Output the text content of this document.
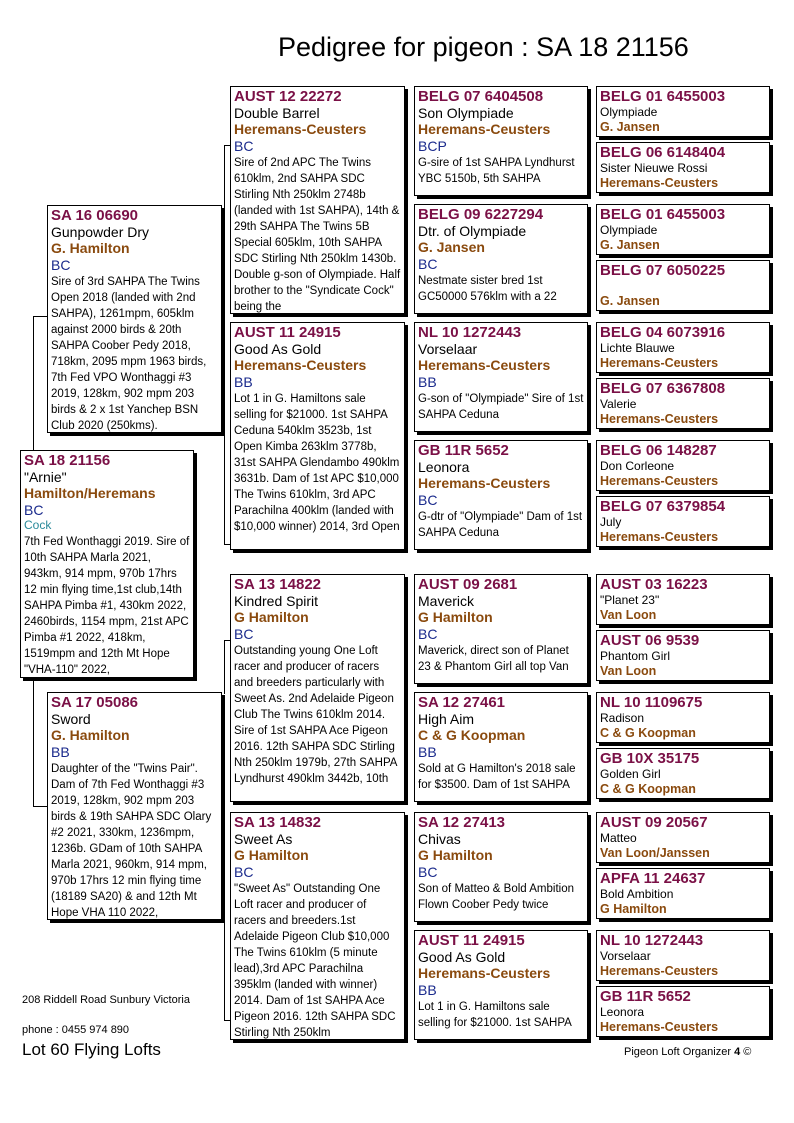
Pedigree for pigeon : SA 18 21156
SA 18 21156
"Arnie"
Hamilton/Heremans
BC
Cock
7th Fed Wonthaggi 2019. Sire of 10th SAHPA Marla 2021, 943km, 914 mpm, 970b 17hrs 12 min flying time,1st club,14th SAHPA Pimba #1, 430km 2022, 2460birds, 1154 mpm, 21st APC Pimba #1 2022, 418km, 1519mpm and 12th Mt Hope "VHA-110" 2022,
SA 16 06690
Gunpowder Dry
G. Hamilton
BC
Sire of 3rd SAHPA The Twins Open 2018 (landed with 2nd SAHPA), 1261mpm, 605klm against 2000 birds & 20th SAHPA Coober Pedy 2018, 718km, 2095 mpm 1963 birds, 7th Fed VPO Wonthaggi #3 2019, 128km, 902 mpm 203 birds & 2 x 1st Yanchep BSN Club 2020 (250kms).
SA 17 05086
Sword
G. Hamilton
BB
Daughter of the "Twins Pair". Dam of 7th Fed Wonthaggi #3 2019, 128km, 902 mpm 203 birds & 19th SAHPA SDC Olary #2 2021, 330km, 1236mpm, 1236b. GDam of 10th SAHPA Marla 2021, 960km, 914 mpm, 970b 17hrs 12 min flying time (18189 SA20) & and 12th Mt Hope VHA 110 2022,
AUST 12 22272
Double Barrel
Heremans-Ceusters
BC
Sire of 2nd APC The Twins 610klm, 2nd SAHPA SDC Stirling Nth 250klm 2748b (landed with 1st SAHPA), 14th & 29th SAHPA The Twins 5B Special 605klm, 10th SAHPA SDC Stirling Nth 250klm 1430b. Double g-son of Olympiade. Half brother to the "Syndicate Cock" being the
AUST 11 24915
Good As Gold
Heremans-Ceusters
BB
Lot 1 in G. Hamiltons sale selling for $21000. 1st SAHPA Ceduna 540klm 3523b, 1st Open Kimba 263klm 3778b, 31st SAHPA Glendambo 490klm 3631b. Dam of 1st APC $10,000 The Twins 610klm, 3rd APC Parachilna 400klm (landed with $10,000 winner) 2014, 3rd Open
SA 13 14822
Kindred Spirit
G Hamilton
BC
Outstanding young One Loft racer and producer of racers and breeders particularly with Sweet As. 2nd Adelaide Pigeon Club The Twins 610klm 2014. Sire of 1st SAHPA Ace Pigeon 2016. 12th SAHPA SDC Stirling Nth 250klm 1979b, 27th SAHPA Lyndhurst 490klm 3442b, 10th
SA 13 14832
Sweet As
G Hamilton
BC
"Sweet As" Outstanding One Loft racer and producer of racers and breeders.1st Adelaide Pigeon Club $10,000 The Twins 610klm (5 minute lead),3rd APC Parachilna 395klm (landed with winner) 2014. Dam of 1st SAHPA Ace Pigeon 2016. 12th SAHPA SDC Stirling Nth 250klm
BELG 07 6404508
Son Olympiade
Heremans-Ceusters
BCP
G-sire of 1st SAHPA Lyndhurst YBC 5150b, 5th SAHPA
BELG 09 6227294
Dtr. of Olympiade
G. Jansen
BC
Nestmate sister bred 1st GC50000 576klm with a 22
NL 10 1272443
Vorselaar
Heremans-Ceusters
BB
G-son of "Olympiade" Sire of 1st SAHPA Ceduna
GB 11R 5652
Leonora
Heremans-Ceusters
BC
G-dtr of "Olympiade" Dam of 1st SAHPA Ceduna
AUST 09 2681
Maverick
G Hamilton
BC
Maverick, direct son of Planet 23 & Phantom Girl all top Van
SA 12 27461
High Aim
C & G Koopman
BB
Sold at G Hamilton's 2018 sale for $3500. Dam of 1st SAHPA
SA 12 27413
Chivas
G Hamilton
BC
Son of Matteo & Bold Ambition Flown Coober Pedy twice
AUST 11 24915
Good As Gold
Heremans-Ceusters
BB
Lot 1 in G. Hamiltons sale selling for $21000. 1st SAHPA
BELG 01 6455003
Olympiade
G. Jansen
BELG 06 6148404
Sister Nieuwe Rossi
Heremans-Ceusters
BELG 01 6455003
Olympiade
G. Jansen
BELG 07 6050225
G. Jansen
BELG 04 6073916
Lichte Blauwe
Heremans-Ceusters
BELG 07 6367808
Valerie
Heremans-Ceusters
BELG 06 148287
Don Corleone
Heremans-Ceusters
BELG 07 6379854
July
Heremans-Ceusters
AUST 03 16223
"Planet 23"
Van Loon
AUST 06 9539
Phantom Girl
Van Loon
NL 10 1109675
Radison
C & G Koopman
GB 10X 35175
Golden Girl
C & G Koopman
AUST 09 20567
Matteo
Van Loon/Janssen
APFA 11 24637
Bold Ambition
G Hamilton
NL 10 1272443
Vorselaar
Heremans-Ceusters
GB 11R 5652
Leonora
Heremans-Ceusters
208 Riddell Road Sunbury Victoria
phone : 0455 974 890
Lot 60 Flying Lofts	Pigeon Loft Organizer 4 ©
